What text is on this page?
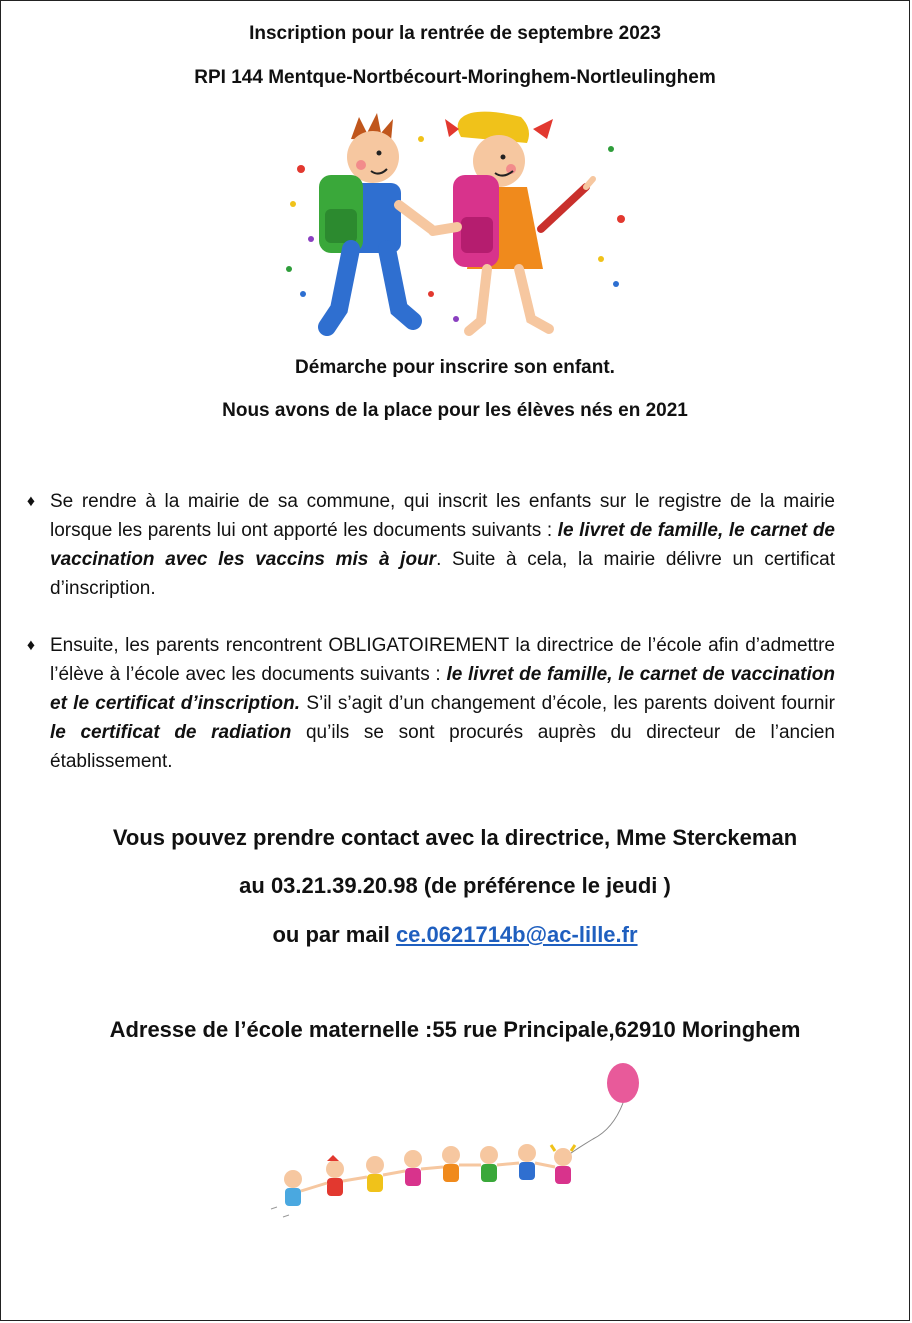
Inscription pour la rentrée de septembre 2023
RPI 144 Mentque-Nortbécourt-Moringhem-Nortleulinghem
Démarche pour inscrire son enfant.
Nous avons de la place pour les élèves nés en 2021
♦ Se rendre à la mairie de sa commune, qui inscrit les enfants sur le registre de la mairie lorsque les parents lui ont apporté les documents suivants : le livret de famille, le carnet de vaccination avec les vaccins mis à jour. Suite à cela, la mairie délivre un certificat d’inscription.
♦ Ensuite, les parents rencontrent OBLIGATOIREMENT la directrice de l’école afin d’admettre l’élève à l’école avec les documents suivants : le livret de famille, le carnet de vaccination et le certificat d’inscription. S’il s’agit d’un changement d’école, les parents doivent fournir le certificat de radiation qu’ils se sont procurés auprès du directeur de l’ancien établissement.
Vous pouvez prendre contact avec la directrice, Mme Sterckeman
au 03.21.39.20.98 (de préférence le jeudi )
ou par mail ce.0621714b@ac-lille.fr
Adresse de l’école maternelle :55 rue Principale,62910 Moringhem
